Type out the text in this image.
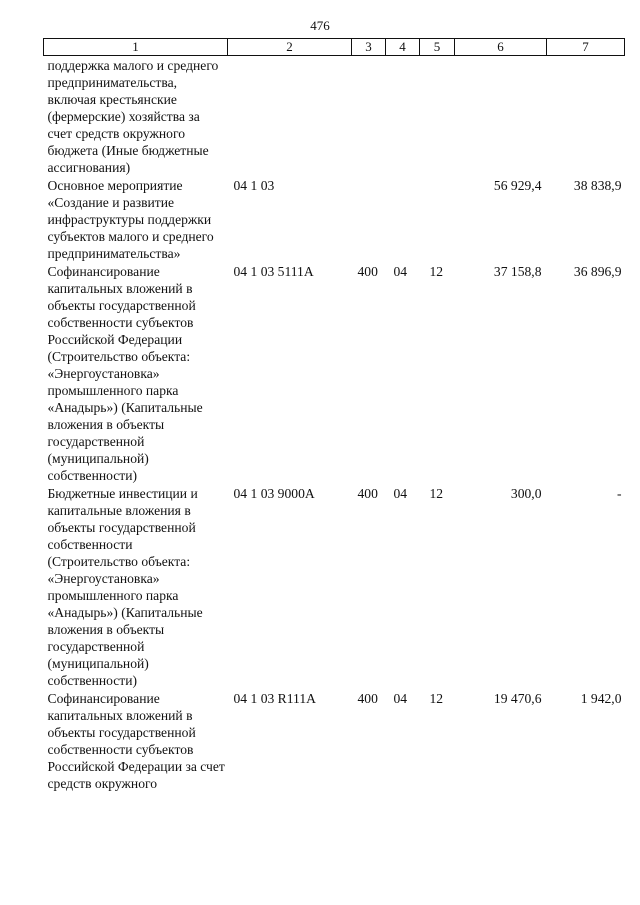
476
1	2	3	4	5	6	7
поддержка малого и среднего предпринимательства, включая крестьянские (фермерские) хозяйства за счет средств окружного бюджета (Иные бюджетные ассигнования)						
Основное мероприятие «Создание и развитие инфраструктуры поддержки субъектов малого и среднего предпринимательства»	04 1 03				56 929,4	38 838,9
Софинансирование капитальных вложений в объекты государственной собственности субъектов Российской Федерации (Строительство объекта: «Энергоустановка» промышленного парка «Анадырь») (Капитальные вложения в объекты государственной (муниципальной) собственности)	04 1 03 5111А	400	04	12	37 158,8	36 896,9
Бюджетные инвестиции и капитальные вложения в объекты государственной собственности (Строительство объекта: «Энергоустановка» промышленного парка «Анадырь») (Капитальные вложения в объекты государственной (муниципальной) собственности)	04 1 03 9000А	400	04	12	300,0	-
Софинансирование капитальных вложений в объекты государственной собственности субъектов Российской Федерации за счет средств окружного	04 1 03 R111А	400	04	12	19 470,6	1 942,0
